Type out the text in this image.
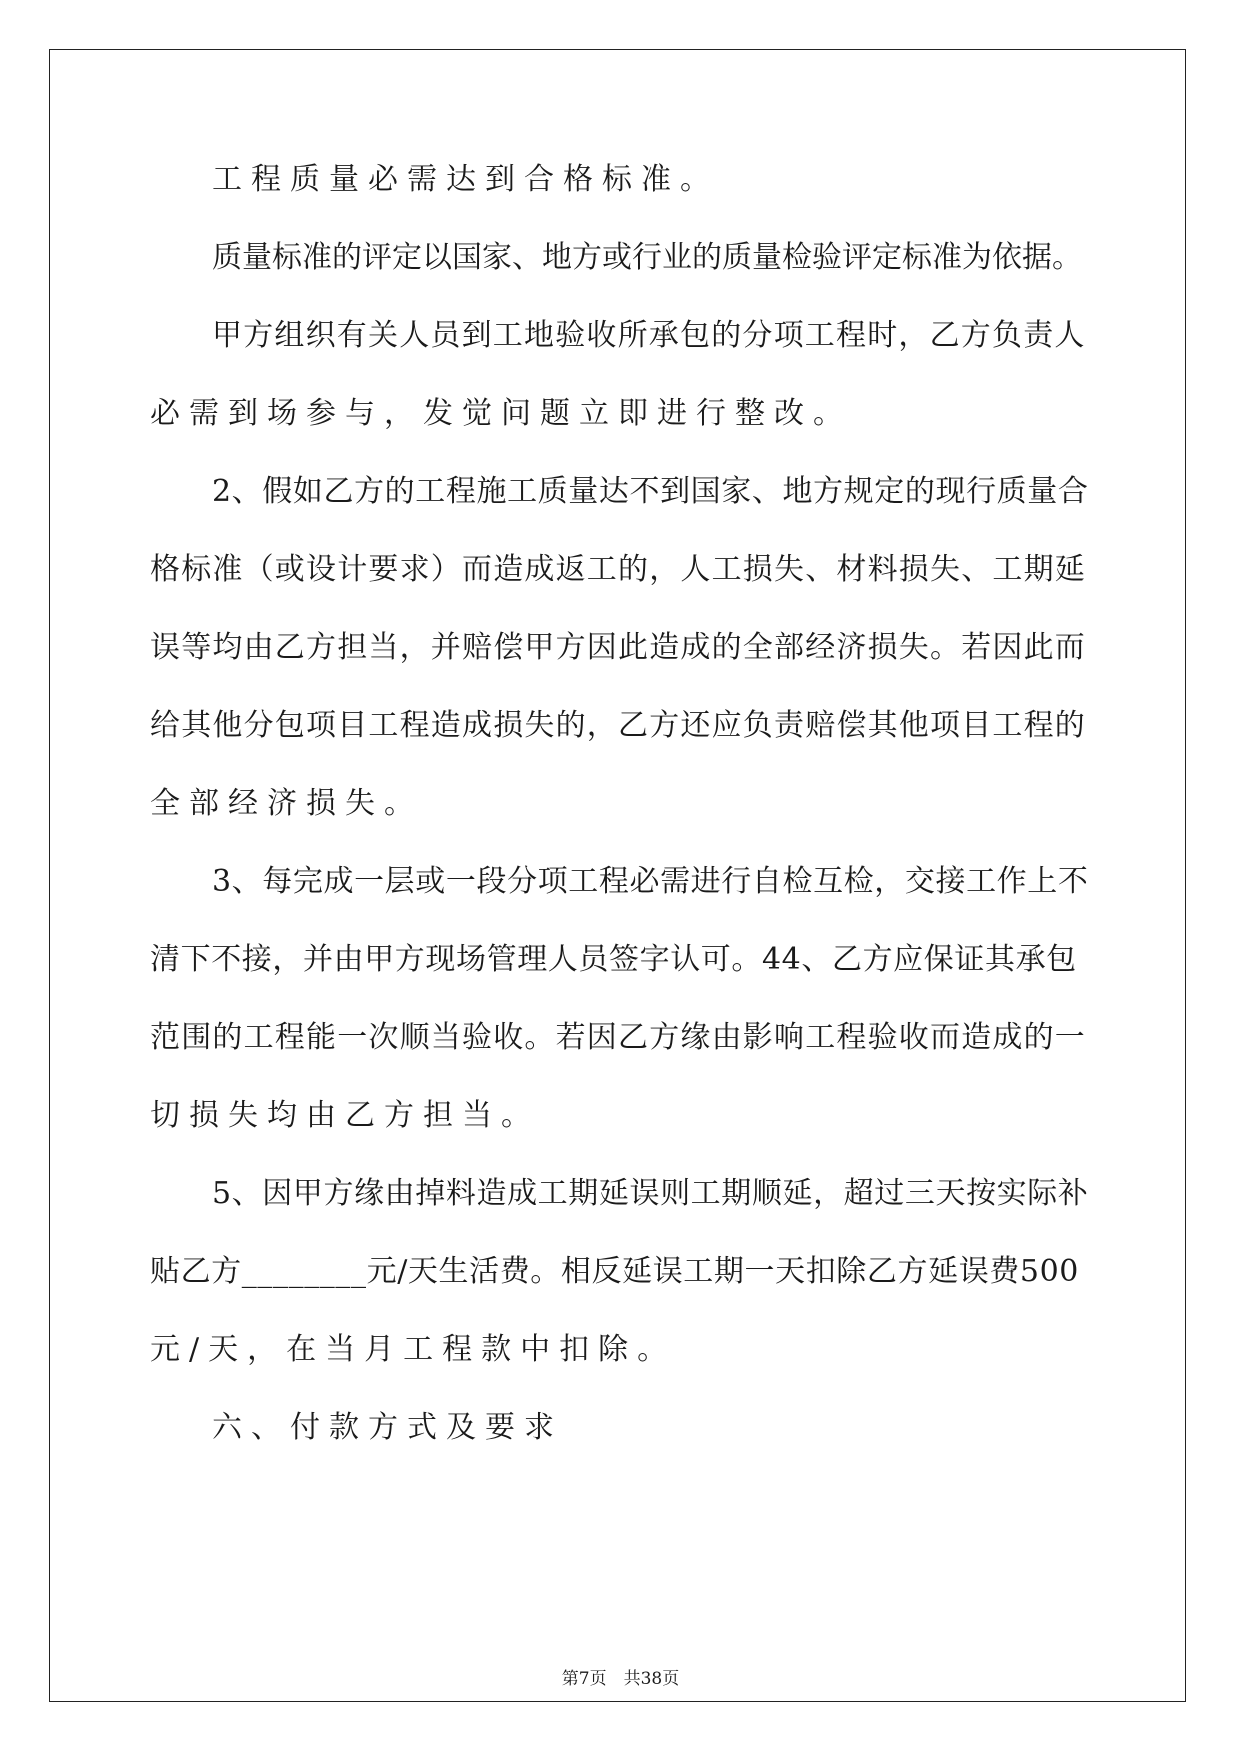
工程质量必需达到合格标准。
质量标准的评定以国家、地方或行业的质量检验评定标准为依据。
甲方组织有关人员到工地验收所承包的分项工程时，乙方负责人
必需到场参与，发觉问题立即进行整改。
2、假如乙方的工程施工质量达不到国家、地方规定的现行质量合
格标准（或设计要求）而造成返工的，人工损失、材料损失、工期延
误等均由乙方担当，并赔偿甲方因此造成的全部经济损失。若因此而
给其他分包项目工程造成损失的，乙方还应负责赔偿其他项目工程的
全部经济损失。
3、每完成一层或一段分项工程必需进行自检互检，交接工作上不
清下不接，并由甲方现场管理人员签字认可。44、乙方应保证其承包
范围的工程能一次顺当验收。若因乙方缘由影响工程验收而造成的一
切损失均由乙方担当。
5、因甲方缘由掉料造成工期延误则工期顺延，超过三天按实际补
贴乙方________元/天生活费。相反延误工期一天扣除乙方延误费500
元/天，在当月工程款中扣除。
六、付款方式及要求
第7页　共38页
